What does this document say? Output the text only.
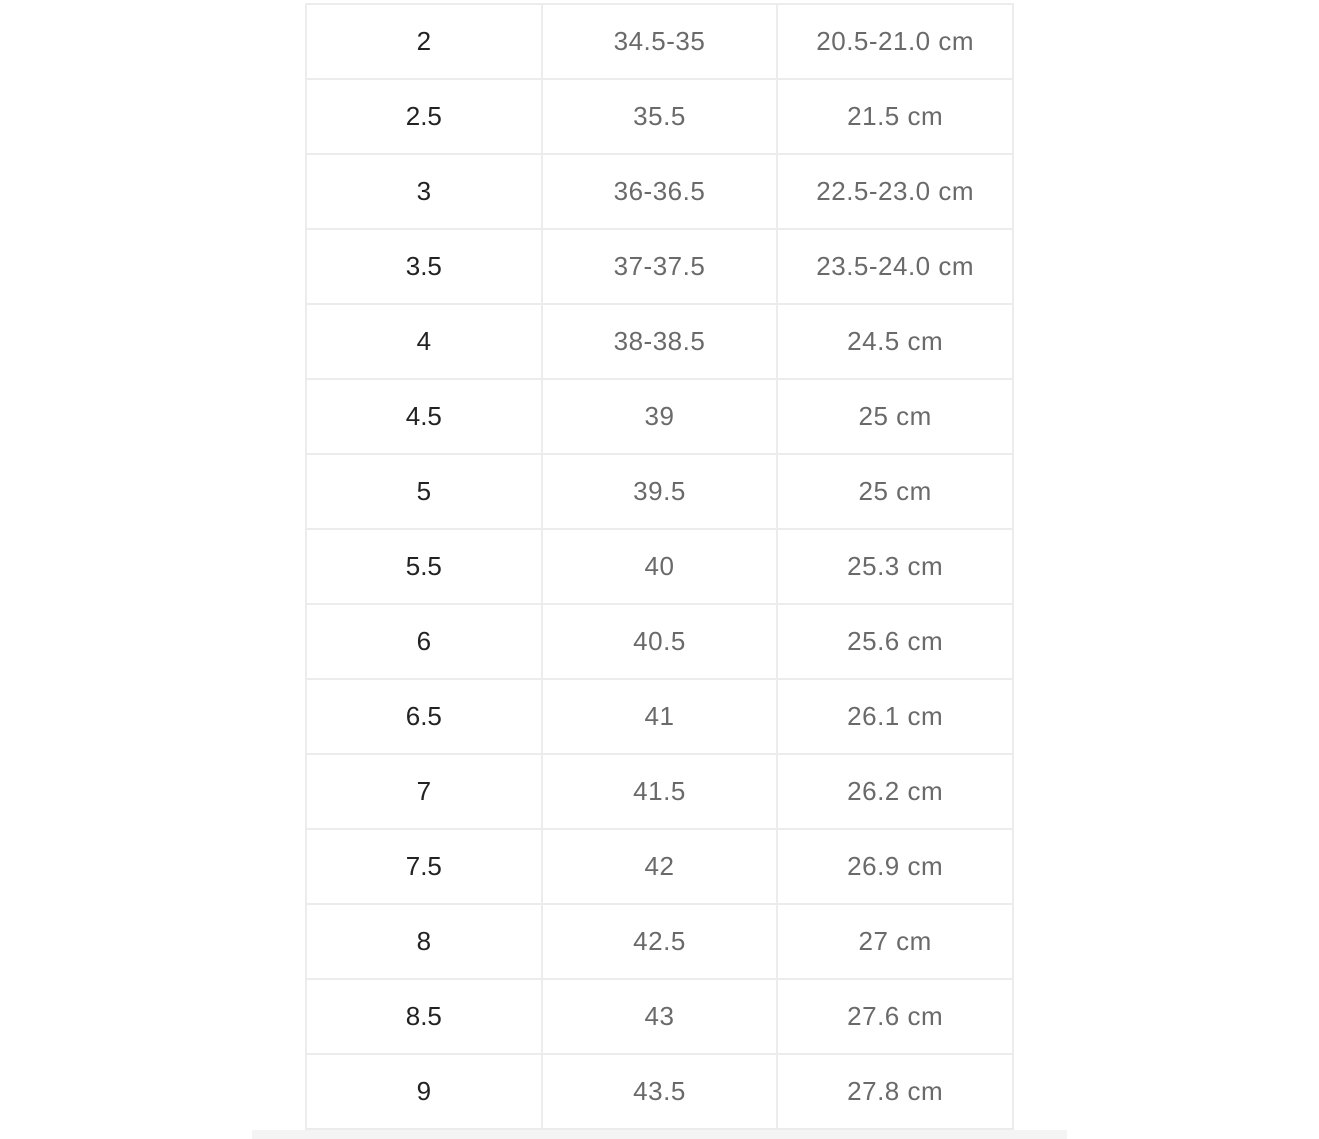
2	34.5-35	20.5-21.0 cm
2.5	35.5	21.5 cm
3	36-36.5	22.5-23.0 cm
3.5	37-37.5	23.5-24.0 cm
4	38-38.5	24.5 cm
4.5	39	25 cm
5	39.5	25 cm
5.5	40	25.3 cm
6	40.5	25.6 cm
6.5	41	26.1 cm
7	41.5	26.2 cm
7.5	42	26.9 cm
8	42.5	27 cm
8.5	43	27.6 cm
9	43.5	27.8 cm
